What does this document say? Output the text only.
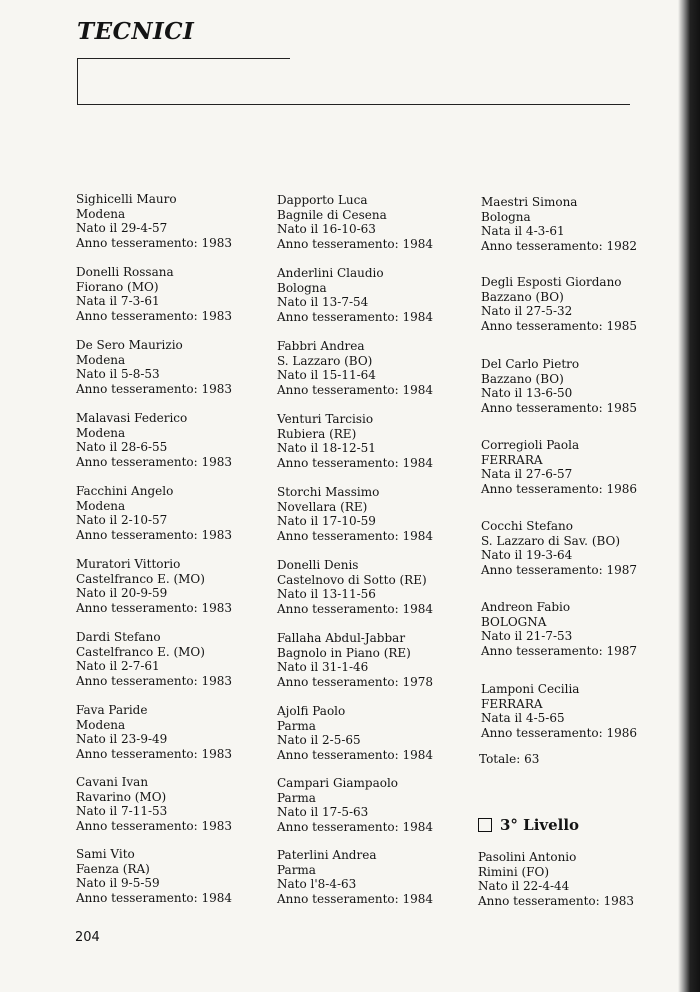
TECNICI
Sighicelli Mauro
Modena
Nato il 29-4-57
Anno tesseramento: 1983
Donelli Rossana
Fiorano (MO)
Nata il 7-3-61
Anno tesseramento: 1983
De Sero Maurizio
Modena
Nato il 5-8-53
Anno tesseramento: 1983
Malavasi Federico
Modena
Nato il 28-6-55
Anno tesseramento: 1983
Facchini Angelo
Modena
Nato il 2-10-57
Anno tesseramento: 1983
Muratori Vittorio
Castelfranco E. (MO)
Nato il 20-9-59
Anno tesseramento: 1983
Dardi Stefano
Castelfranco E. (MO)
Nato il 2-7-61
Anno tesseramento: 1983
Fava Paride
Modena
Nato il 23-9-49
Anno tesseramento: 1983
Cavani Ivan
Ravarino (MO)
Nato il 7-11-53
Anno tesseramento: 1983
Sami Vito
Faenza (RA)
Nato il 9-5-59
Anno tesseramento: 1984
Dapporto Luca
Bagnile di Cesena
Nato il 16-10-63
Anno tesseramento: 1984
Anderlini Claudio
Bologna
Nato il 13-7-54
Anno tesseramento: 1984
Fabbri Andrea
S. Lazzaro (BO)
Nato il 15-11-64
Anno tesseramento: 1984
Venturi Tarcisio
Rubiera (RE)
Nato il 18-12-51
Anno tesseramento: 1984
Storchi Massimo
Novellara (RE)
Nato il 17-10-59
Anno tesseramento: 1984
Donelli Denis
Castelnovo di Sotto (RE)
Nato il 13-11-56
Anno tesseramento: 1984
Fallaha Abdul-Jabbar
Bagnolo in Piano (RE)
Nato il 31-1-46
Anno tesseramento: 1978
Ajolfi Paolo
Parma
Nato il 2-5-65
Anno tesseramento: 1984
Campari Giampaolo
Parma
Nato il 17-5-63
Anno tesseramento: 1984
Paterlini Andrea
Parma
Nato l'8-4-63
Anno tesseramento: 1984
Maestri Simona
Bologna
Nata il 4-3-61
Anno tesseramento: 1982
Degli Esposti Giordano
Bazzano (BO)
Nato il 27-5-32
Anno tesseramento: 1985
Del Carlo Pietro
Bazzano (BO)
Nato il 13-6-50
Anno tesseramento: 1985
Corregioli Paola
FERRARA
Nata il 27-6-57
Anno tesseramento: 1986
Cocchi Stefano
S. Lazzaro di Sav. (BO)
Nato il 19-3-64
Anno tesseramento: 1987
Andreon Fabio
BOLOGNA
Nato il 21-7-53
Anno tesseramento: 1987
Lamponi Cecilia
FERRARA
Nata il 4-5-65
Anno tesseramento: 1986
Pasolini Antonio
Rimini (FO)
Nato il 22-4-44
Anno tesseramento: 1983
Totale: 63
3° Livello
204
